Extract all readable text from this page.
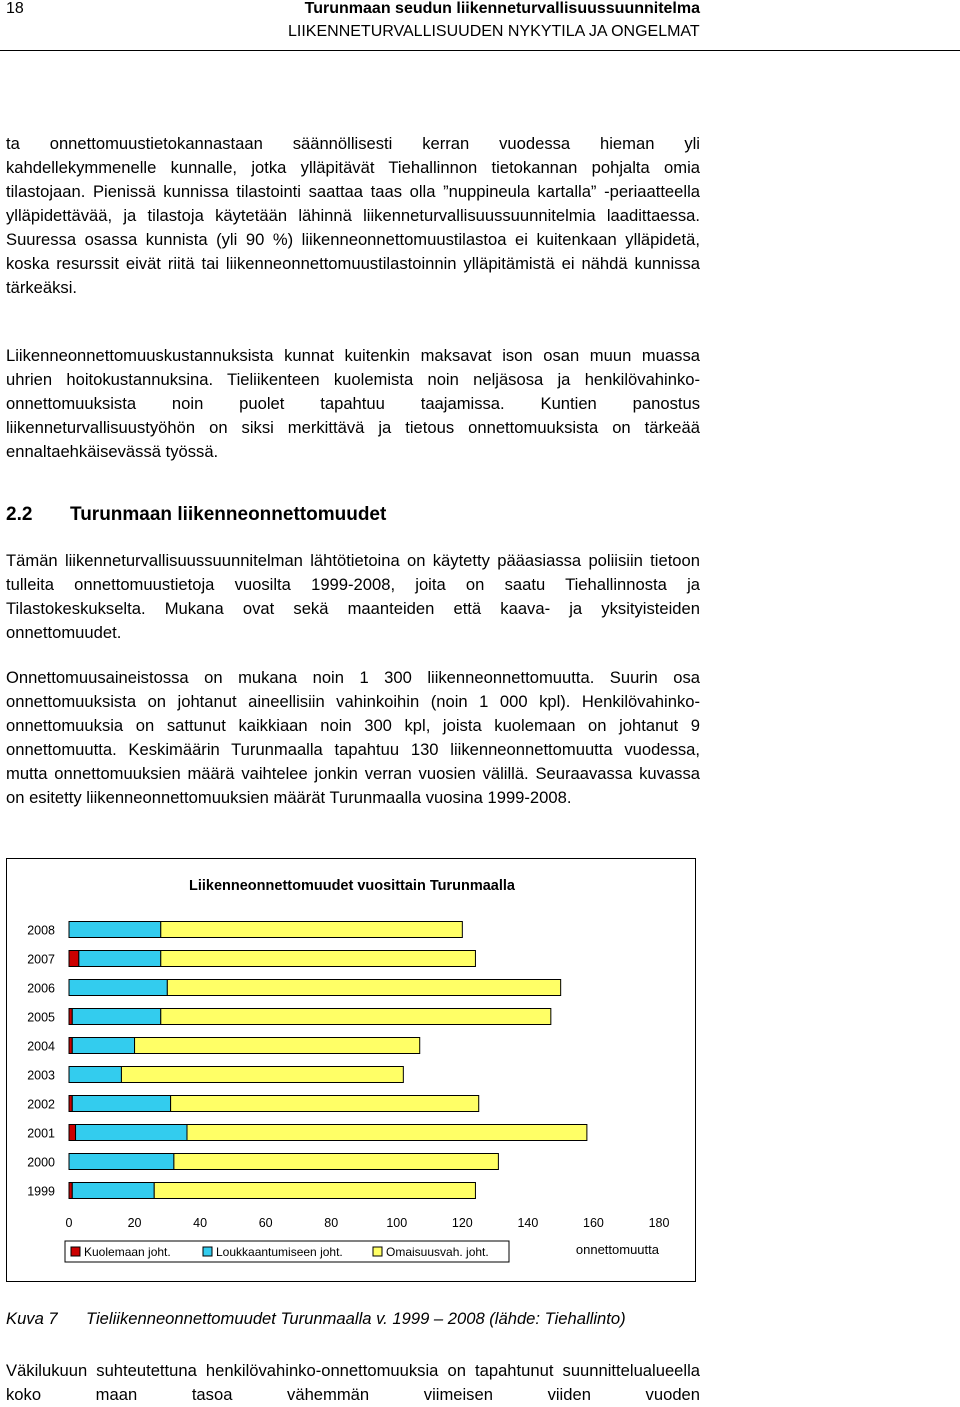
18	Turunmaan seudun liikenneturvallisuussuunnitelma
LIIKENNETURVALLISUUDEN NYKYTILA JA ONGELMAT

ta onnettomuustietokannastaan säännöllisesti kerran vuodessa hieman yli kahdellekymmenelle kunnalle, jotka ylläpitävät Tiehallinnon tietokannan pohjalta omia tilastojaan. Pienissä kunnissa tilastointi saattaa taas olla ”nuppineula kartalla” -periaatteella ylläpidettävää, ja tilastoja käytetään lähinnä liikenneturvallisuussuunnitelmia laadittaessa. Suuressa osassa kunnista (yli 90 %) liikenneonnettomuustilastoa ei kuitenkaan ylläpidetä, koska resurssit eivät riitä tai liikenneonnettomuustilastoinnin ylläpitämistä ei nähdä kunnissa tärkeäksi.

Liikenneonnettomuuskustannuksista kunnat kuitenkin maksavat ison osan muun muassa uhrien hoitokustannuksina. Tieliikenteen kuolemista noin neljäsosa ja henkilövahinko-onnettomuuksista noin puolet tapahtuu taajamissa. Kuntien panostus liikenneturvallisuustyöhön on siksi merkittävä ja tietous onnettomuuksista on tärkeää ennaltaehkäisevässä työssä.

2.2 Turunmaan liikenneonnettomuudet

Tämän liikenneturvallisuussuunnitelman lähtötietoina on käytetty pääasiassa poliisiin tietoon tulleita onnettomuustietoja vuosilta 1999-2008, joita on saatu Tiehallinnosta ja Tilastokeskukselta. Mukana ovat sekä maanteiden että kaava- ja yksityisteiden onnettomuudet.

Onnettomuusaineistossa on mukana noin 1 300 liikenneonnettomuutta. Suurin osa onnettomuuksista on johtanut aineellisiin vahinkoihin (noin 1 000 kpl). Henkilövahinko-onnettomuuksia on sattunut kaikkiaan noin 300 kpl, joista kuolemaan on johtanut 9 onnettomuutta. Keskimäärin Turunmaalla tapahtuu 130 liikenneonnettomuutta vuodessa, mutta onnettomuuksien määrä vaihtelee jonkin verran vuosien välillä. Seuraavassa kuvassa on esitetty liikenneonnettomuuksien määrät Turunmaalla vuosina 1999-2008.

Liikenneonnettomuudet vuosittain Turunmaalla
2008
2007
2006
2005
2004
2003
2002
2001
2000
1999
0	20	40	60	80	100	120	140	160	180
Kuolemaan joht.	Loukkaantumiseen joht.	Omaisuusvah. joht.	onnettomuutta
Kuva 7 Tieliikenneonnettomuudet Turunmaalla v. 1999 – 2008 (lähde: Tiehallinto)

Väkilukuun suhteutettuna henkilövahinko-onnettomuuksia on tapahtunut suunnittelualueella koko maan tasoa vähemmän viimeisen viiden vuoden
